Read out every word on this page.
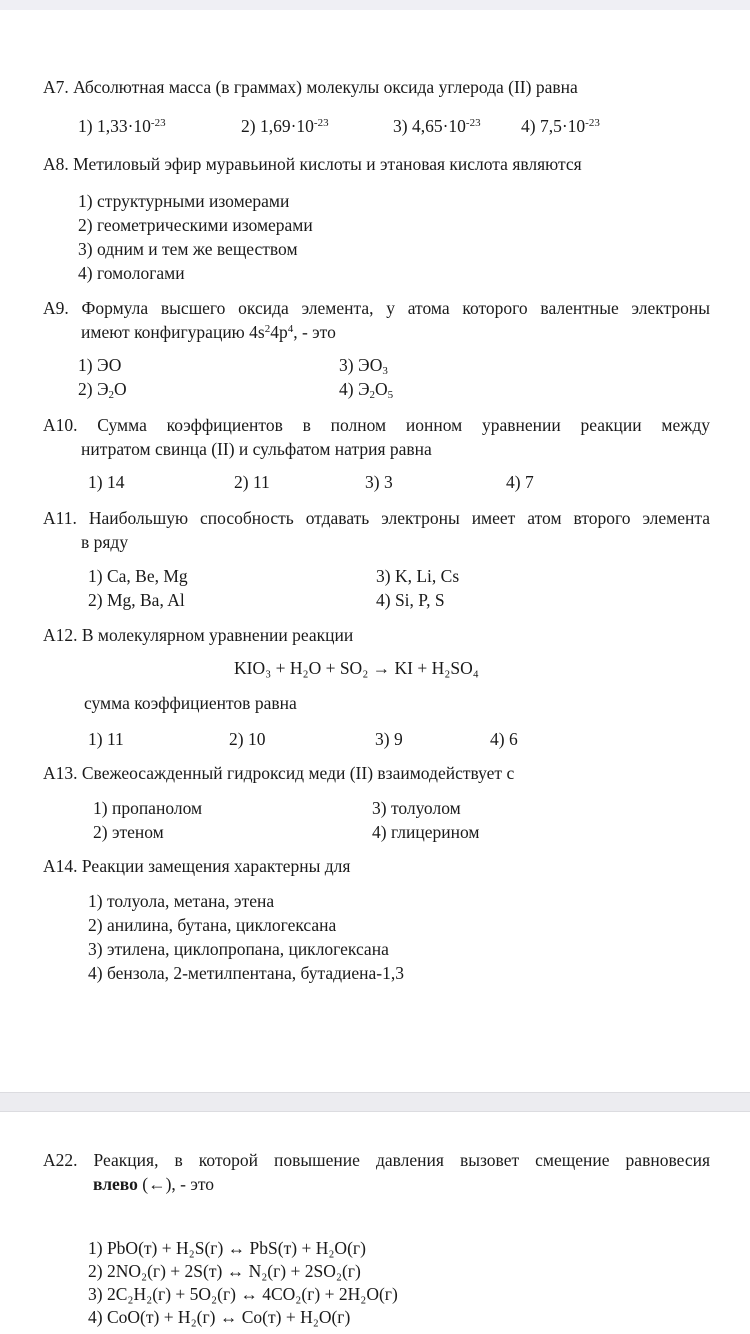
А7. Абсолютная масса (в граммах) молекулы оксида углерода (II) равна
1) $1,33\cdot 10^{-23}$	2) $1,69\cdot 10^{-23}$	3) $4,65\cdot 10^{-23}$ 4) $7,5\cdot 10^{-23}$
А8. Метиловый эфир муравьиной кислоты и этановая кислота являются
1) структурными изомерами
2) геометрическими изомерами
3) одним и тем же веществом
4) гомологами
А9. Формула высшего оксида элемента, у атома которого валентные электроны
имеют конфигурацию $4s^24p^4$, - это
1) ЭО
2) $Э_2O$
3) $ЭО_3$
4) $Э_2O_5$
А10. Сумма коэффициентов в полном ионном уравнении реакции между
нитратом свинца (II) и сульфатом натрия равна
1) 14	2) 11	3) 3	4) 7
А11. Наибольшую способность отдавать электроны имеет атом второго элемента
в ряду
1) Ca, Be, Mg
2) Mg, Ba, Al
3) K, Li, Cs
4) Si, P, S
А12. В молекулярном уравнении реакции
KIO₃ + H₂O + SO₂ → KI + H₂SO₄
сумма коэффициентов равна
1) 11	2) 10	3) 9	4) 6
А13. Свежеосажденный гидроксид меди (II) взаимодействует с
1) пропанолом
2) этеном
3) толуолом
4) глицерином
А14. Реакции замещения характерны для
1) толуола, метана, этена
2) анилина, бутана, циклогексана
3) этилена, циклопропана, циклогексана
4) бензола, 2-метилпентана, бутадиена-1,3
А22. Реакция, в которой повышение давления вызовет смещение равновесия
влево (←), - это
1) PbO(т) + H₂S(г) ↔ PbS(т) + H₂O(г)
2) 2NO₂(г) + 2S(т) ↔ N₂(г) + 2SO₂(г)
3) 2C₂H₂(г) + 5O₂(г) ↔ 4CO₂(г) + 2H₂O(г)
4) CoO(т) + H₂(г) ↔ Co(т) + H₂O(г)
